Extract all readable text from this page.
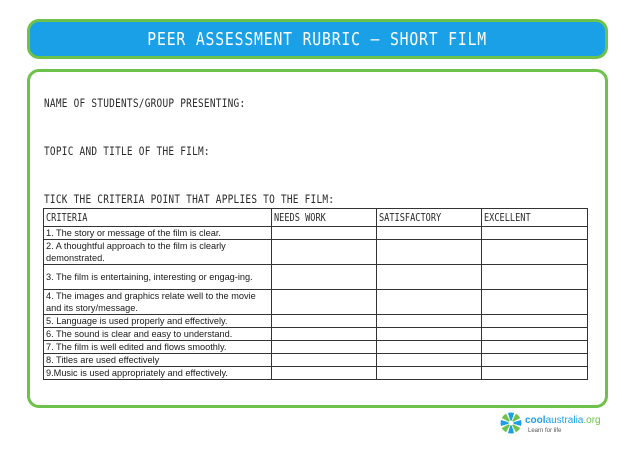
PEER ASSESSMENT RUBRIC – SHORT FILM
NAME OF STUDENTS/GROUP PRESENTING:
TOPIC AND TITLE OF THE FILM:
TICK THE CRITERIA POINT THAT APPLIES TO THE FILM:
CRITERIA	NEEDS WORK	SATISFACTORY	EXCELLENT
1. The story or message of the film is clear.			
2. A thoughtful approach to the film is clearly demonstrated.			
3. The film is entertaining, interesting or engag-ing.			
4. The images and graphics relate well to the movie and its story/message.			
5. Language is used properly and effectively.			
6. The sound is clear and easy to understand.			
7. The film is well edited and flows smoothly.			
8. Titles are used effectively			
9.Music is used appropriately and effectively.			
coolaustralia.org
Learn for life
